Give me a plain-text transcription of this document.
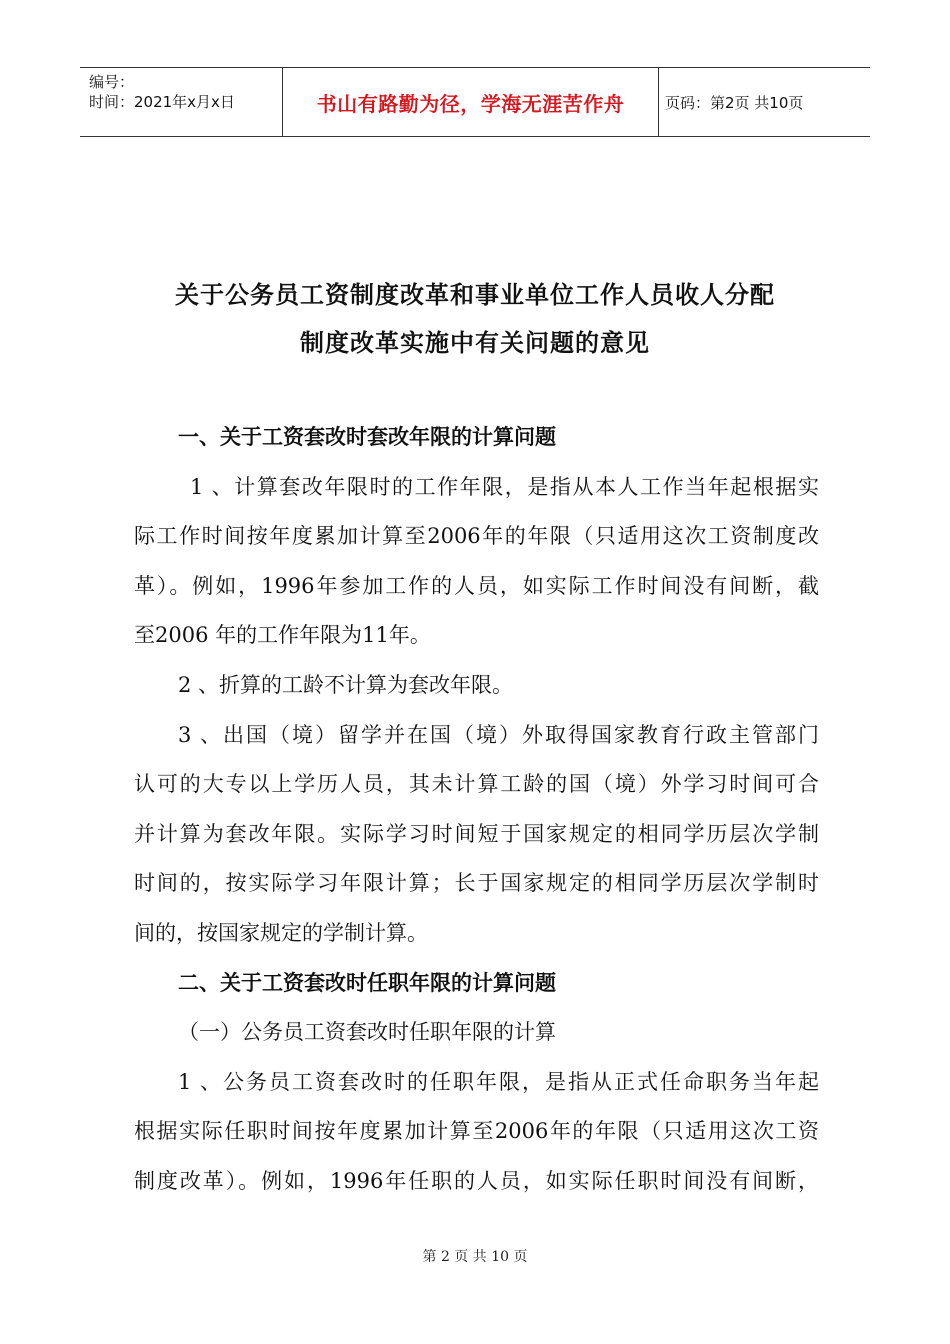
编号：
时间：2021年x月x日	书山有路勤为径，学海无涯苦作舟	页码：第2页 共10页
关于公务员工资制度改革和事业单位工作人员收人分配
制度改革实施中有关问题的意见
一、关于工资套改时套改年限的计算问题
1 、计算套改年限时的工作年限，是指从本人工作当年起根据实
际工作时间按年度累加计算至2006年的年限（只适用这次工资制度改
革）。例如，1996年参加工作的人员，如实际工作时间没有间断，截
至2006 年的工作年限为11年。
2 、折算的工龄不计算为套改年限。
3 、出国（境）留学并在国（境）外取得国家教育行政主管部门
认可的大专以上学历人员，其未计算工龄的国（境）外学习时间可合
并计算为套改年限。实际学习时间短于国家规定的相同学历层次学制
时间的，按实际学习年限计算；长于国家规定的相同学历层次学制时
间的，按国家规定的学制计算。
二、关于工资套改时任职年限的计算问题
（一）公务员工资套改时任职年限的计算
1 、公务员工资套改时的任职年限，是指从正式任命职务当年起
根据实际任职时间按年度累加计算至2006年的年限（只适用这次工资
制度改革）。例如，1996年任职的人员，如实际任职时间没有间断，
第 2 页 共 10 页
